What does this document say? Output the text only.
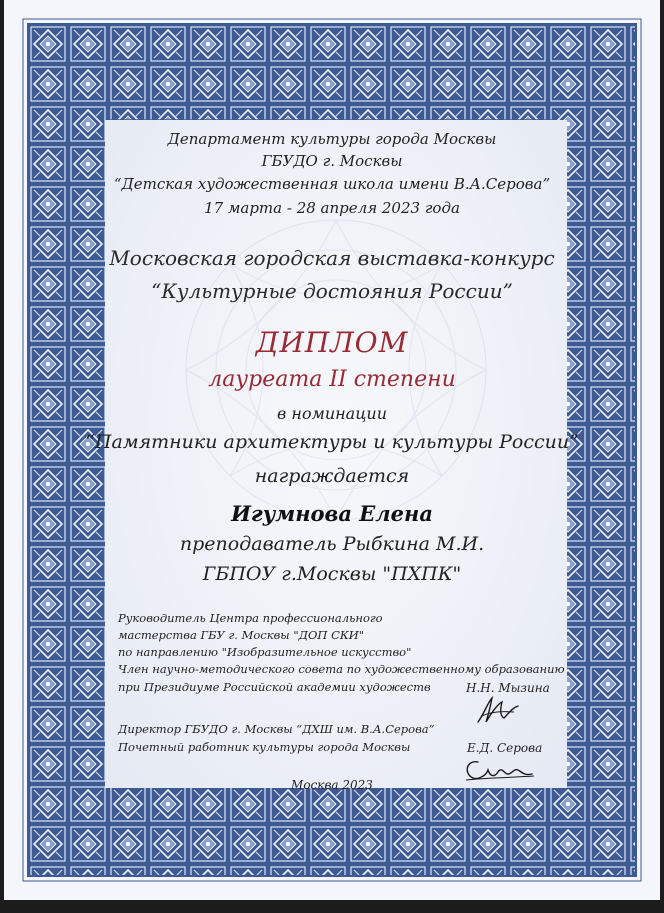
Департамент культуры города Москвы
ГБУДО г. Москвы
“Детская художественная школа имени В.А.Серова”
17 марта - 28 апреля 2023 года
Московская городская выставка-конкурс
“Культурные достояния России”
ДИПЛОМ
лауреата II степени
в номинации
“Памятники архитектуры и культуры России”
награждается
Игумнова Елена
преподаватель Рыбкина М.И.
ГБПОУ г.Москвы "ПХПК"
Руководитель Центра профессионального
мастерства ГБУ г. Москвы "ДОП СКИ"
по направлению "Изобразительное искусство"
Член научно-методического совета по художественному образованию
при Президиуме Российской академии художеств	Н.Н. Мызина
Директор ГБУДО г. Москвы “ДХШ им. В.А.Серова”
Почетный работник культуры города Москвы	Е.Д. Серова
Москва 2023
